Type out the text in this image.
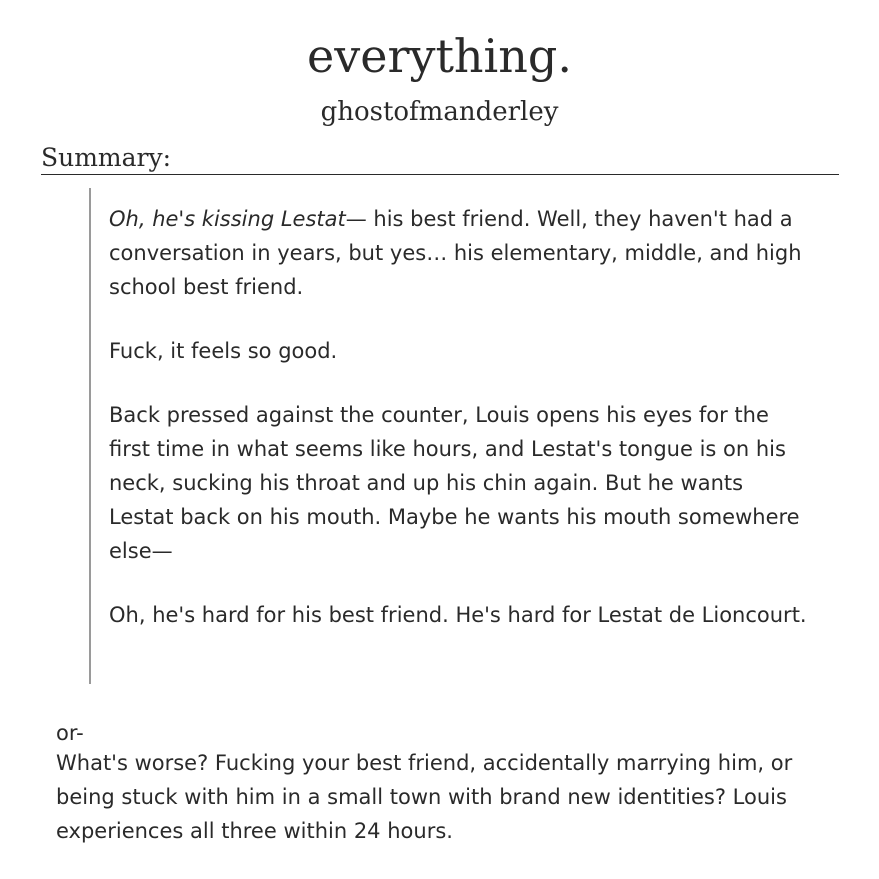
everything.
ghostofmanderley
Summary:

Oh, he's kissing Lestat— his best friend. Well, they haven't had a conversation in years, but yes… his elementary, middle, and high school best friend.

Fuck, it feels so good.

Back pressed against the counter, Louis opens his eyes for the first time in what seems like hours, and Lestat's tongue is on his neck, sucking his throat and up his chin again. But he wants Lestat back on his mouth. Maybe he wants his mouth somewhere else—

Oh, he's hard for his best friend. He's hard for Lestat de Lioncourt.

or-

What's worse? Fucking your best friend, accidentally marrying him, or being stuck with him in a small town with brand new identities? Louis experiences all three within 24 hours.
